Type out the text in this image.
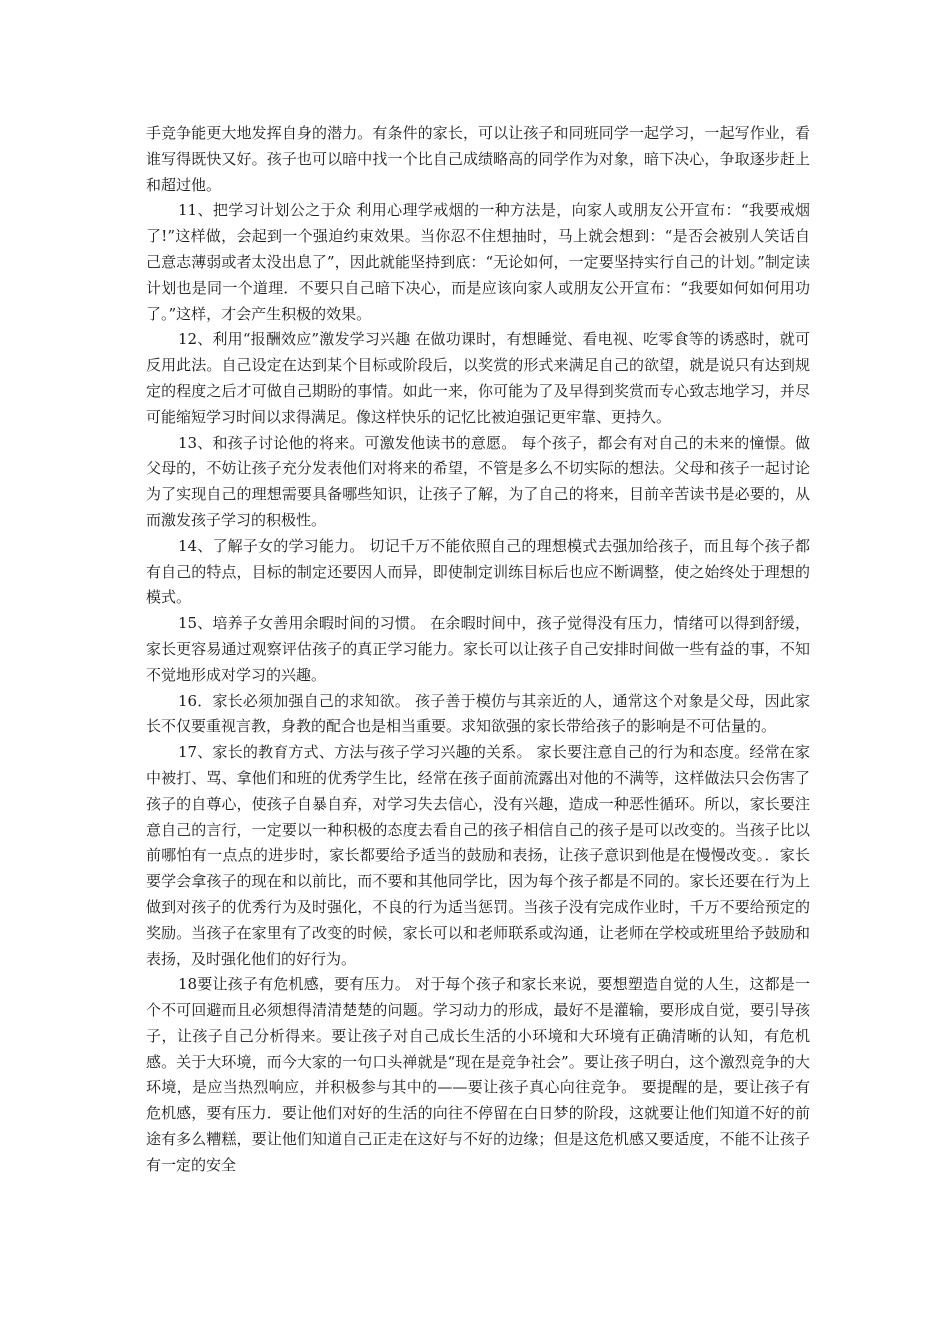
手竞争能更大地发挥自身的潜力。有条件的家长，可以让孩子和同班同学一起学习，一起写作业，看谁写得既快又好。孩子也可以暗中找一个比自己成绩略高的同学作为对象，暗下决心，争取逐步赶上和超过他。

11、把学习计划公之于众 利用心理学戒烟的一种方法是，向家人或朋友公开宣布：“我要戒烟了!”这样做，会起到一个强迫约束效果。当你忍不住想抽时，马上就会想到：“是否会被别人笑话自己意志薄弱或者太没出息了”，因此就能坚持到底：“无论如何，一定要坚持实行自己的计划。”制定读计划也是同一个道理．不要只自己暗下决心，而是应该向家人或朋友公开宣布：“我要如何如何用功了。”这样，才会产生积极的效果。

12、利用“报酬效应”激发学习兴趣 在做功课时，有想睡觉、看电视、吃零食等的诱惑时，就可反用此法。自己设定在达到某个目标或阶段后，以奖赏的形式来满足自己的欲望，就是说只有达到规定的程度之后才可做自己期盼的事情。如此一来，你可能为了及早得到奖赏而专心致志地学习，并尽可能缩短学习时间以求得满足。像这样快乐的记忆比被迫强记更牢靠、更持久。

13、和孩子讨论他的将来。可激发他读书的意愿。 每个孩子，都会有对自己的未来的憧憬。做父母的，不妨让孩子充分发表他们对将来的希望，不管是多么不切实际的想法。父母和孩子一起讨论为了实现自己的理想需要具备哪些知识，让孩子了解，为了自己的将来，目前辛苦读书是必要的，从而激发孩子学习的积极性。

14、了解子女的学习能力。 切记千万不能依照自己的理想模式去强加给孩子，而且每个孩子都有自己的特点，目标的制定还要因人而异，即使制定训练目标后也应不断调整，使之始终处于理想的模式。

15、培养子女善用余暇时间的习惯。 在余暇时间中，孩子觉得没有压力，情绪可以得到舒缓，家长更容易通过观察评估孩子的真正学习能力。家长可以让孩子自己安排时间做一些有益的事，不知不觉地形成对学习的兴趣。

16．家长必须加强自己的求知欲。 孩子善于模仿与其亲近的人，通常这个对象是父母，因此家长不仅要重视言教，身教的配合也是相当重要。求知欲强的家长带给孩子的影响是不可估量的。

17、家长的教育方式、方法与孩子学习兴趣的关系。 家长要注意自己的行为和态度。经常在家中被打、骂、拿他们和班的优秀学生比，经常在孩子面前流露出对他的不满等，这样做法只会伤害了孩子的自尊心，使孩子自暴自弃，对学习失去信心，没有兴趣，造成一种恶性循环。所以，家长要注意自己的言行，一定要以一种积极的态度去看自己的孩子相信自己的孩子是可以改变的。当孩子比以前哪怕有一点点的进步时，家长都要给予适当的鼓励和表扬，让孩子意识到他是在慢慢改变。．家长要学会拿孩子的现在和以前比，而不要和其他同学比，因为每个孩子都是不同的。家长还要在行为上做到对孩子的优秀行为及时强化，不良的行为适当惩罚。当孩子没有完成作业时，千万不要给预定的奖励。当孩子在家里有了改变的时候，家长可以和老师联系或沟通，让老师在学校或班里给予鼓励和表扬，及时强化他们的好行为。

18要让孩子有危机感，要有压力。 对于每个孩子和家长来说，要想塑造自觉的人生，这都是一个不可回避而且必须想得清清楚楚的问题。学习动力的形成，最好不是灌输，要形成自觉，要引导孩子，让孩子自己分析得来。要让孩子对自己成长生活的小环境和大环境有正确清晰的认知，有危机感。关于大环境，而今大家的一句口头禅就是“现在是竞争社会”。要让孩子明白，这个激烈竞争的大环境，是应当热烈响应，并积极参与其中的——要让孩子真心向往竞争。 要提醒的是，要让孩子有危机感，要有压力．要让他们对好的生活的向往不停留在白日梦的阶段，这就要让他们知道不好的前途有多么糟糕，要让他们知道自己正走在这好与不好的边缘；但是这危机感又要适度，不能不让孩子有一定的安全
